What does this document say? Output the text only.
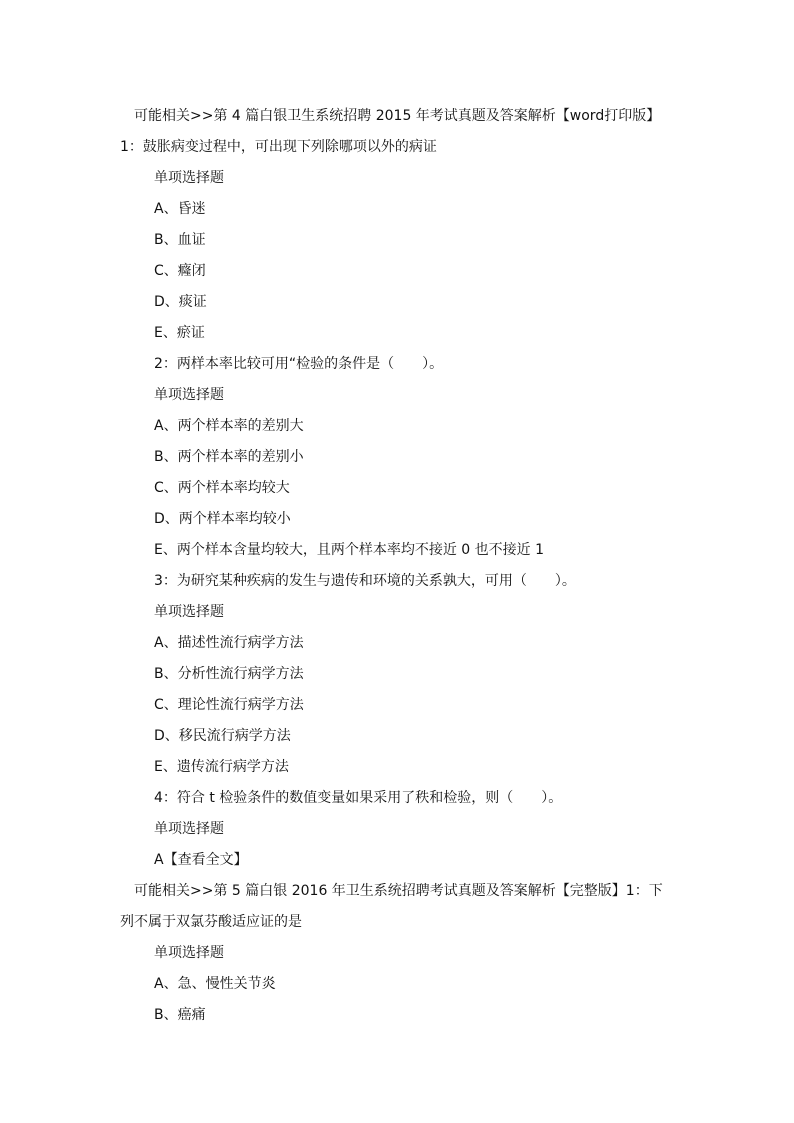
可能相关>>第 4 篇白银卫生系统招聘 2015 年考试真题及答案解析【word打印版】1：鼓胀病变过程中，可出现下列除哪项以外的病证
单项选择题
A、昏迷
B、血证
C、癃闭
D、痰证
E、瘀证
2：两样本率比较可用“检验的条件是（　　）。
单项选择题
A、两个样本率的差别大
B、两个样本率的差别小
C、两个样本率均较大
D、两个样本率均较小
E、两个样本含量均较大，且两个样本率均不接近 0 也不接近 1
3：为研究某种疾病的发生与遗传和环境的关系孰大，可用（　　）。
单项选择题
A、描述性流行病学方法
B、分析性流行病学方法
C、理论性流行病学方法
D、移民流行病学方法
E、遗传流行病学方法
4：符合 t 检验条件的数值变量如果采用了秩和检验，则（　　）。
单项选择题
A【查看全文】
可能相关>>第 5 篇白银 2016 年卫生系统招聘考试真题及答案解析【完整版】1：下列不属于双氯芬酸适应证的是
单项选择题
A、急、慢性关节炎
B、癌痛
